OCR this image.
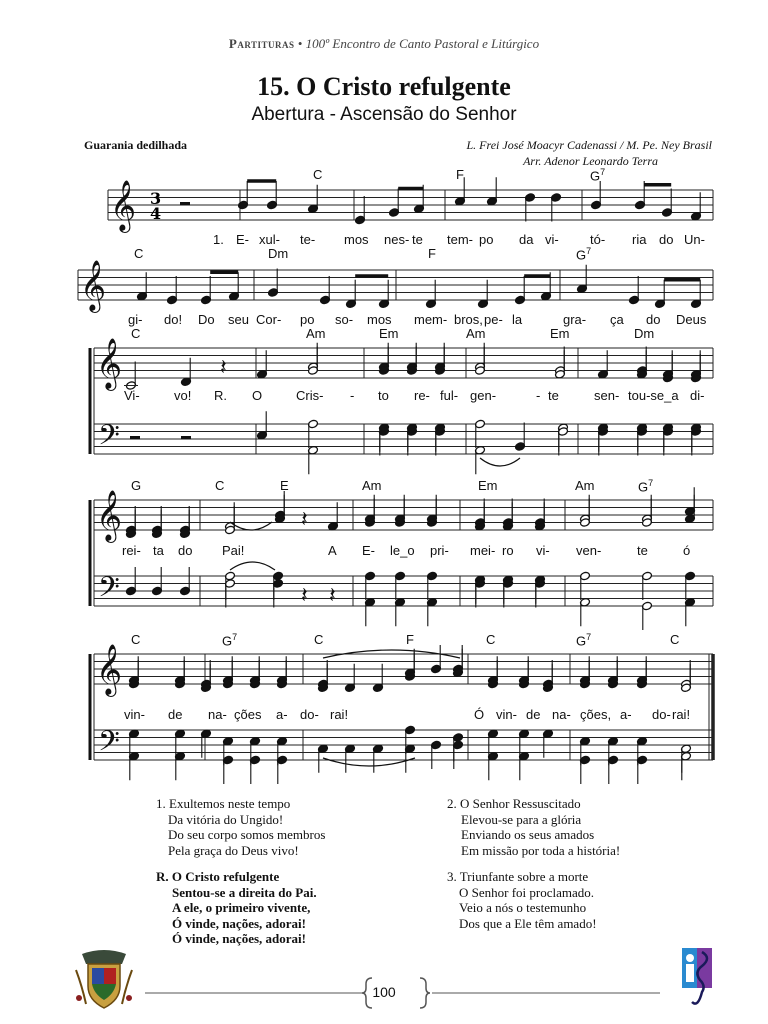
Partituras • 100º Encontro de Canto Pastoral e Litúrgico
15. O Cristo refulgente
Abertura - Ascensão do Senhor
Guarania dedilhada	L. Frei José Moacyr Cadenassi / M. Pe. Ney Brasil
Arr. Adenor Leonardo Terra
𝄞
𝄞
𝄞
𝄢
𝄞
𝄢
𝄞
𝄢
3
4
𝄽
𝄽
𝄽 𝄽
C	F	$G^7$
C	Dm	F	$G^7$
C	Am	Em	Am	Em	Dm
G	C	E	Am	Em	Am	$G^7$
C	$G^7$	C	F	C	$G^7$	C
1. E- xul- te- mos nes- te tem- po da vi- tó- ria do Un-
gi- do! Do seu Cor- po so- mos mem- bros, pe- la	gra- ça do Deus
Vi-	vo! R. O	Cris- - to re- ful- gen-	- te	sen- tou-se_a di-
rei- ta do Pai!	A E- le_o pri- mei- ro vi- ven-	te	ó
vin- de na- ções a- do- rai!	Ó vin- de na- ções, a- do- rai!
1. Exultemos neste tempo
Da vitória do Ungido!
Do seu corpo somos membros
Pela graça do Deus vivo!
2. O Senhor Ressuscitado
Elevou-se para a glória
Enviando os seus amados
Em missão por toda a história!
R. O Cristo refulgente
Sentou-se a direita do Pai.
A ele, o primeiro vivente,
Ó vinde, nações, adorai!
Ó vinde, nações, adorai!
3. Triunfante sobre a morte
O Senhor foi proclamado.
Veio a nós o testemunho
Dos que a Ele têm amado!
100
